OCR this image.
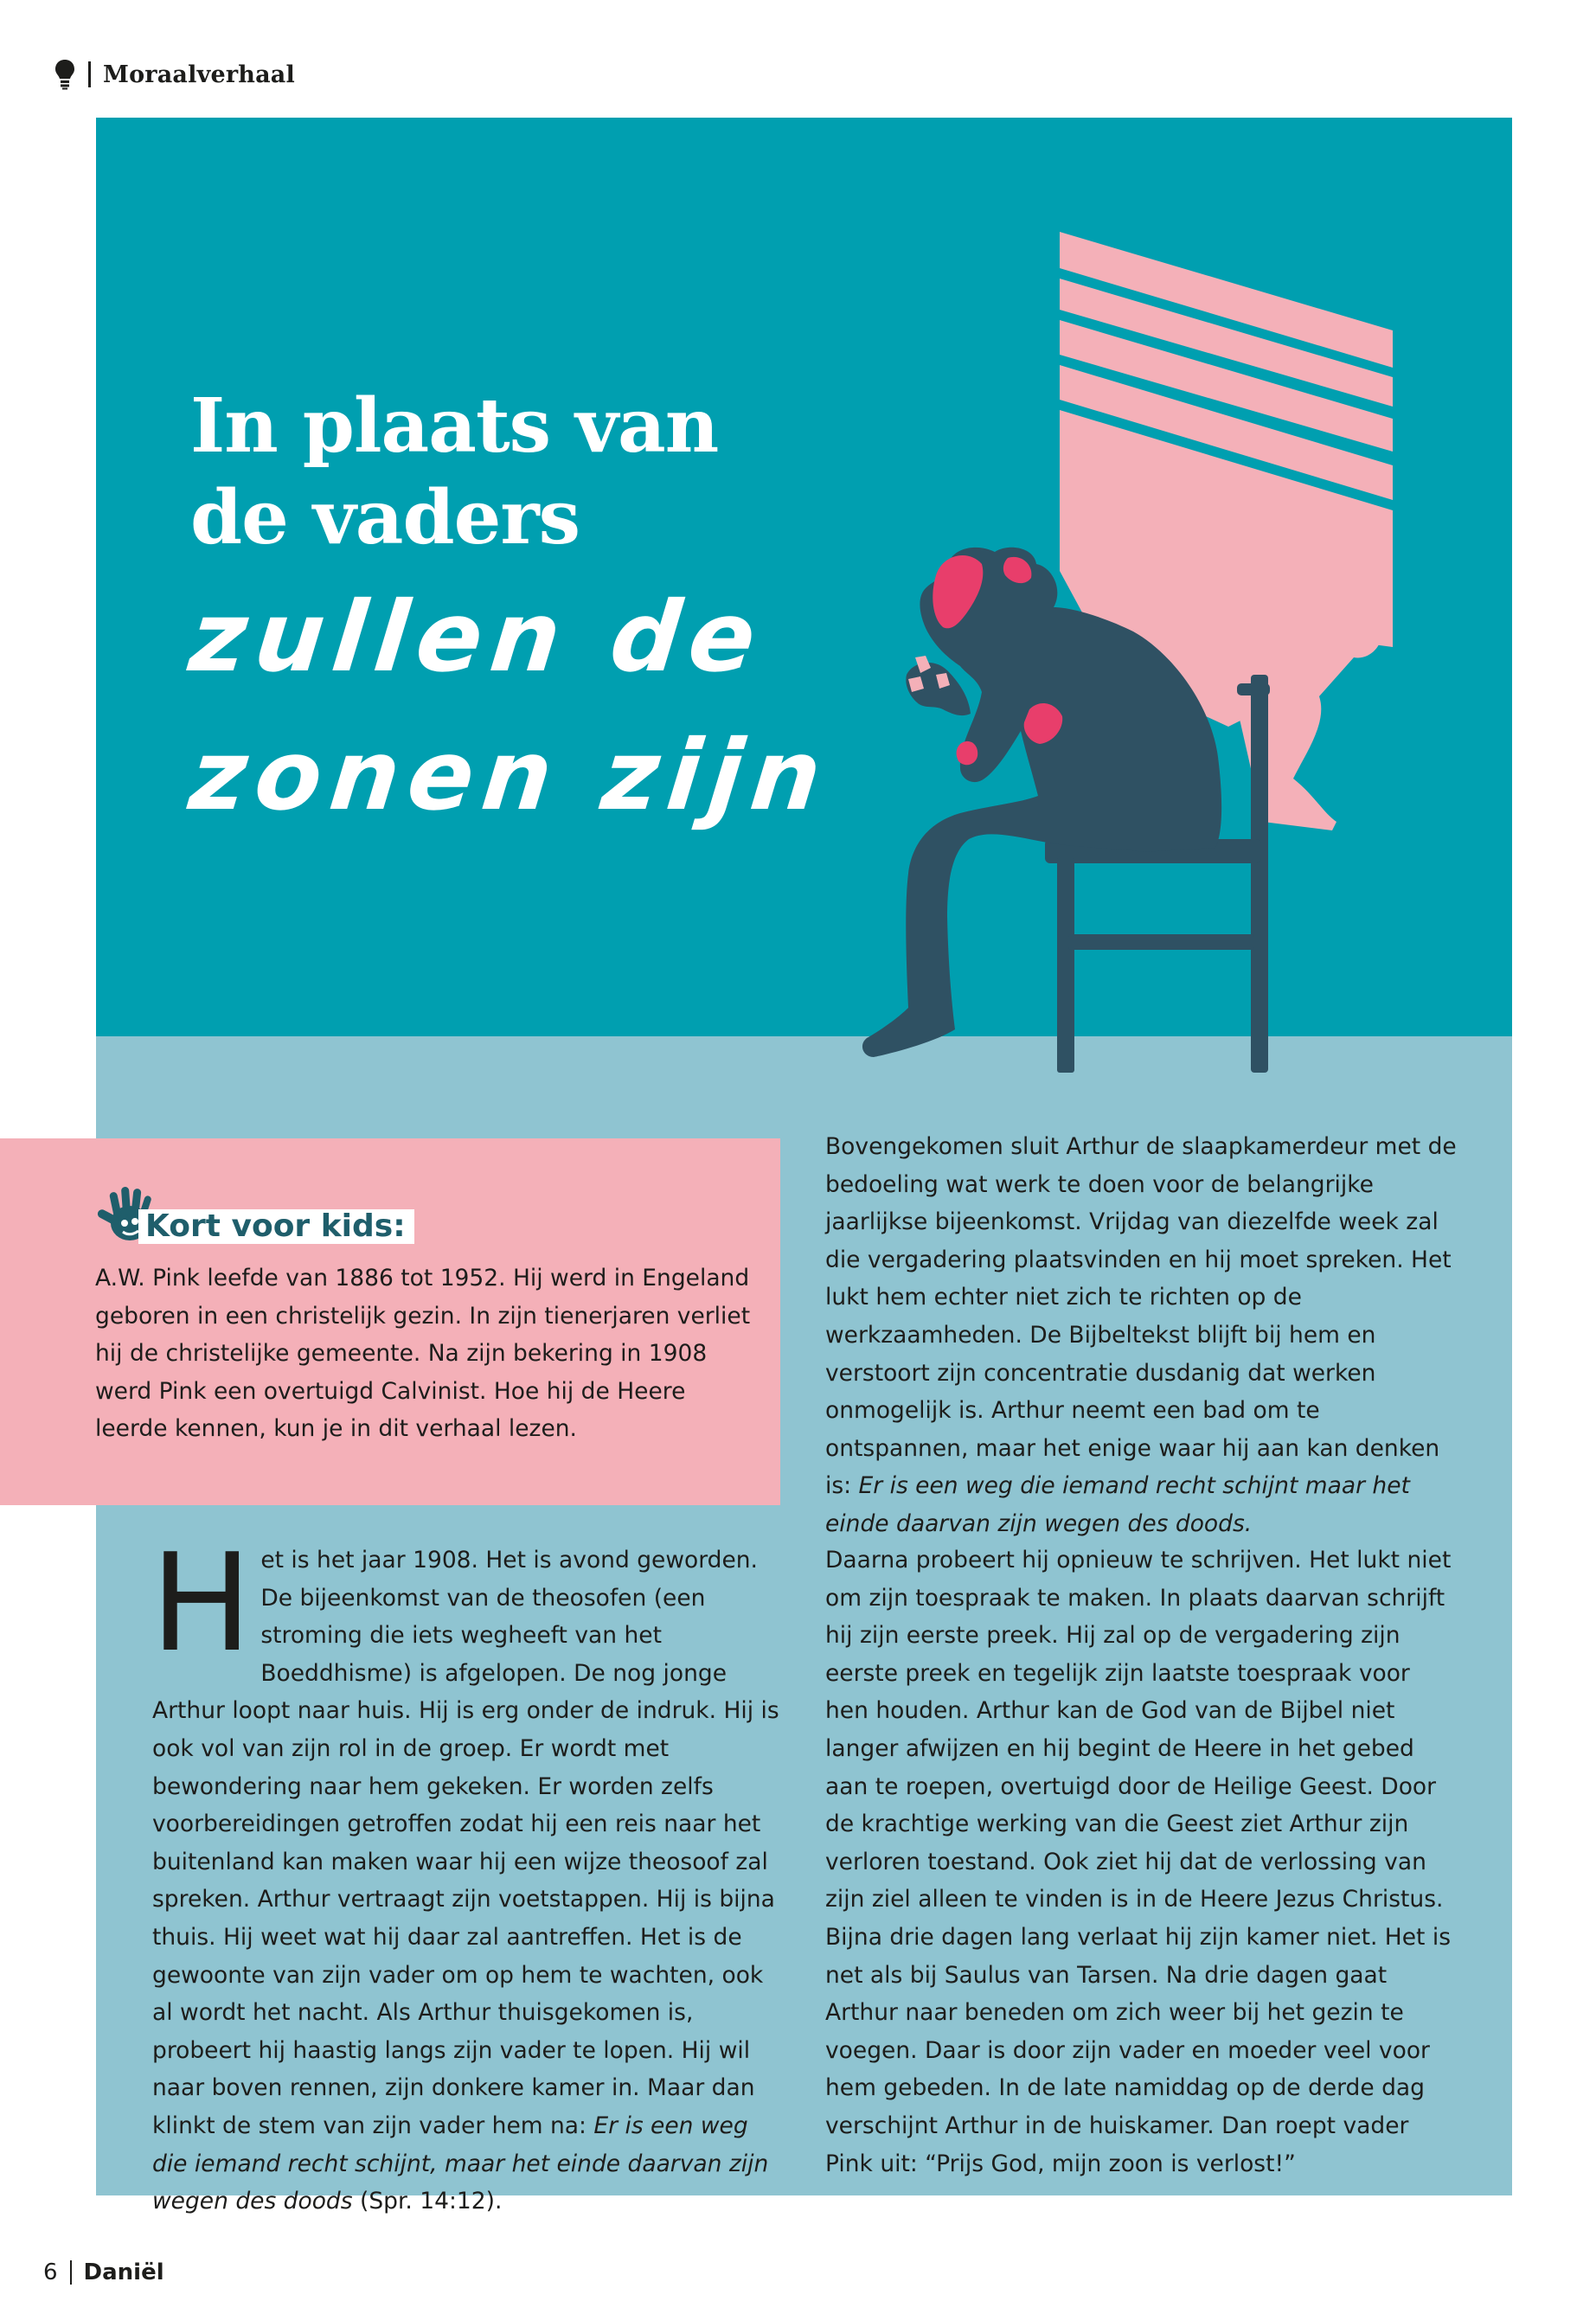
Moraalverhaal
In plaats van
de vaders
zullen de
zonen zijn
Kort voor kids:
A.W. Pink leefde van 1886 tot 1952. Hij werd in Engeland geboren in een christelijk gezin. In zijn tienerjaren verliet hij de christelijke gemeente. Na zijn bekering in 1908 werd Pink een overtuigd Calvinist. Hoe hij de Heere leerde kennen, kun je in dit verhaal lezen.

Bovengekomen sluit Arthur de slaapkamerdeur met de bedoeling wat werk te doen voor de belangrijke jaarlijkse bijeenkomst. Vrijdag van diezelfde week zal die vergadering plaatsvinden en hij moet spreken. Het lukt hem echter niet zich te richten op de werkzaamheden. De Bijbeltekst blijft bij hem en verstoort zijn concentratie dusdanig dat werken onmogelijk is. Arthur neemt een bad om te ontspannen, maar het enige waar hij aan kan denken is: Er is een weg die iemand recht schijnt maar het einde daarvan zijn wegen des doods.

Het is het jaar 1908. Het is avond geworden. De bijeenkomst van de theosofen (een stroming die iets wegheeft van het Boeddhisme) is afgelopen. De nog jonge Arthur loopt naar huis. Hij is erg onder de indruk. Hij is ook vol van zijn rol in de groep. Er wordt met bewondering naar hem gekeken. Er worden zelfs voorbereidingen getroffen zodat hij een reis naar het buitenland kan maken waar hij een wijze theosoof zal spreken. Arthur vertraagt zijn voetstappen. Hij is bijna thuis. Hij weet wat hij daar zal aantreffen. Het is de gewoonte van zijn vader om op hem te wachten, ook al wordt het nacht. Als Arthur thuisgekomen is, probeert hij haastig langs zijn vader te lopen. Hij wil naar boven rennen, zijn donkere kamer in. Maar dan klinkt de stem van zijn vader hem na: Er is een weg die iemand recht schijnt, maar het einde daarvan zijn wegen des doods (Spr. 14:12).

Daarna probeert hij opnieuw te schrijven. Het lukt niet om zijn toespraak te maken. In plaats daarvan schrijft hij zijn eerste preek. Hij zal op de vergadering zijn eerste preek en tegelijk zijn laatste toespraak voor hen houden. Arthur kan de God van de Bijbel niet langer afwijzen en hij begint de Heere in het gebed aan te roepen, overtuigd door de Heilige Geest. Door de krachtige werking van die Geest ziet Arthur zijn verloren toestand. Ook ziet hij dat de verlossing van zijn ziel alleen te vinden is in de Heere Jezus Christus. Bijna drie dagen lang verlaat hij zijn kamer niet. Het is net als bij Saulus van Tarsen. Na drie dagen gaat Arthur naar beneden om zich weer bij het gezin te voegen. Daar is door zijn vader en moeder veel voor hem gebeden. In de late namiddag op de derde dag verschijnt Arthur in de huiskamer. Dan roept vader Pink uit: “Prijs God, mijn zoon is verlost!”

6 Daniël
